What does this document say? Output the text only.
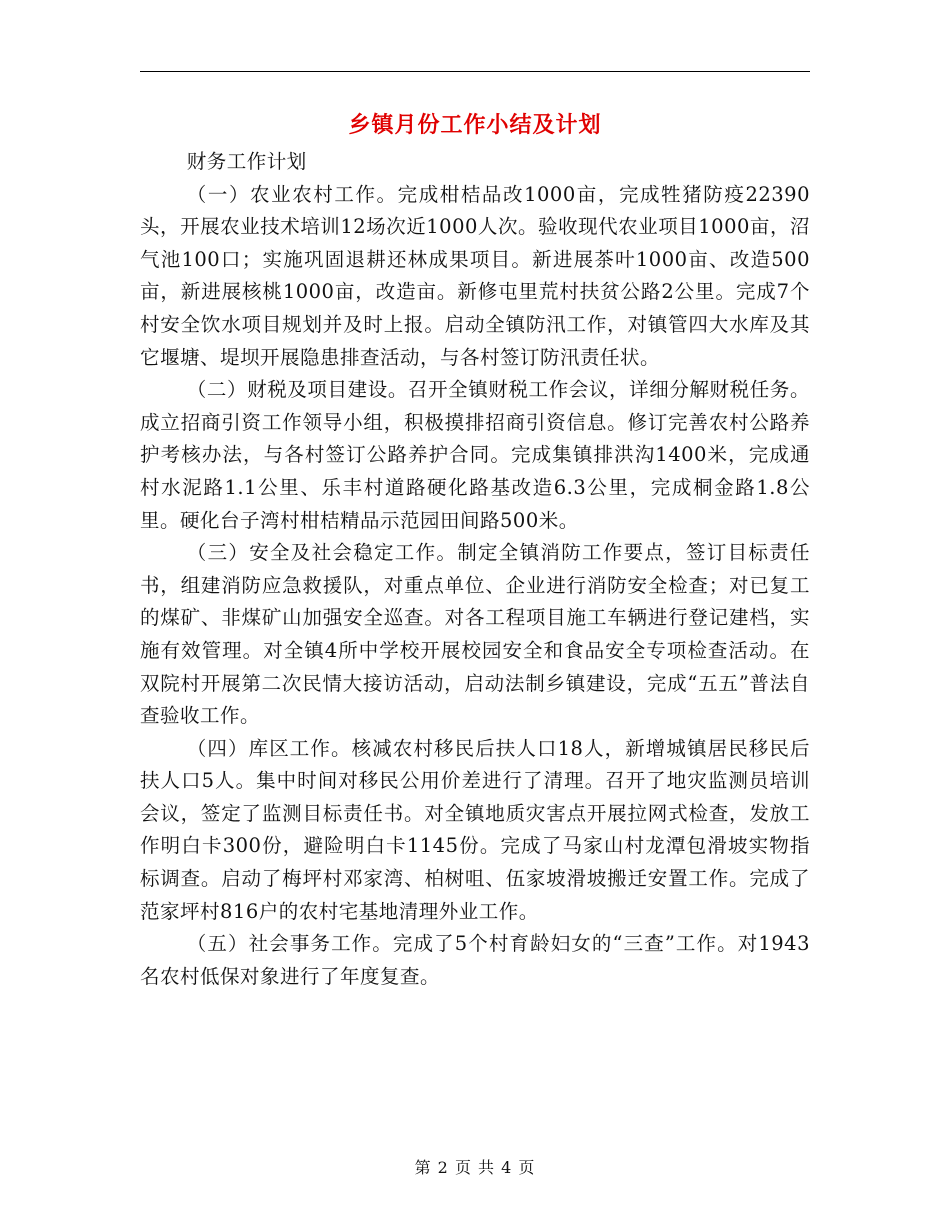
乡镇月份工作小结及计划

财务工作计划

（一）农业农村工作。完成柑桔品改1000亩，完成牲猪防疫22390头，开展农业技术培训12场次近1000人次。验收现代农业项目1000亩，沼气池100口；实施巩固退耕还林成果项目。新进展茶叶1000亩、改造500亩，新进展核桃1000亩，改造亩。新修屯里荒村扶贫公路2公里。完成7个村安全饮水项目规划并及时上报。启动全镇防汛工作，对镇管四大水库及其它堰塘、堤坝开展隐患排查活动，与各村签订防汛责任状。

（二）财税及项目建设。召开全镇财税工作会议，详细分解财税任务。成立招商引资工作领导小组，积极摸排招商引资信息。修订完善农村公路养护考核办法，与各村签订公路养护合同。完成集镇排洪沟1400米，完成通村水泥路1.1公里、乐丰村道路硬化路基改造6.3公里，完成桐金路1.8公里。硬化台子湾村柑桔精品示范园田间路500米。

（三）安全及社会稳定工作。制定全镇消防工作要点，签订目标责任书，组建消防应急救援队，对重点单位、企业进行消防安全检查；对已复工的煤矿、非煤矿山加强安全巡查。对各工程项目施工车辆进行登记建档，实施有效管理。对全镇4所中学校开展校园安全和食品安全专项检查活动。在双院村开展第二次民情大接访活动，启动法制乡镇建设，完成“五五”普法自查验收工作。

（四）库区工作。核减农村移民后扶人口18人，新增城镇居民移民后扶人口5人。集中时间对移民公用价差进行了清理。召开了地灾监测员培训会议，签定了监测目标责任书。对全镇地质灾害点开展拉网式检查，发放工作明白卡300份，避险明白卡1145份。完成了马家山村龙潭包滑坡实物指标调查。启动了梅坪村邓家湾、柏树咀、伍家坡滑坡搬迁安置工作。完成了范家坪村816户的农村宅基地清理外业工作。

（五）社会事务工作。完成了5个村育龄妇女的“三查”工作。对1943名农村低保对象进行了年度复查。

第 2 页 共 4 页
